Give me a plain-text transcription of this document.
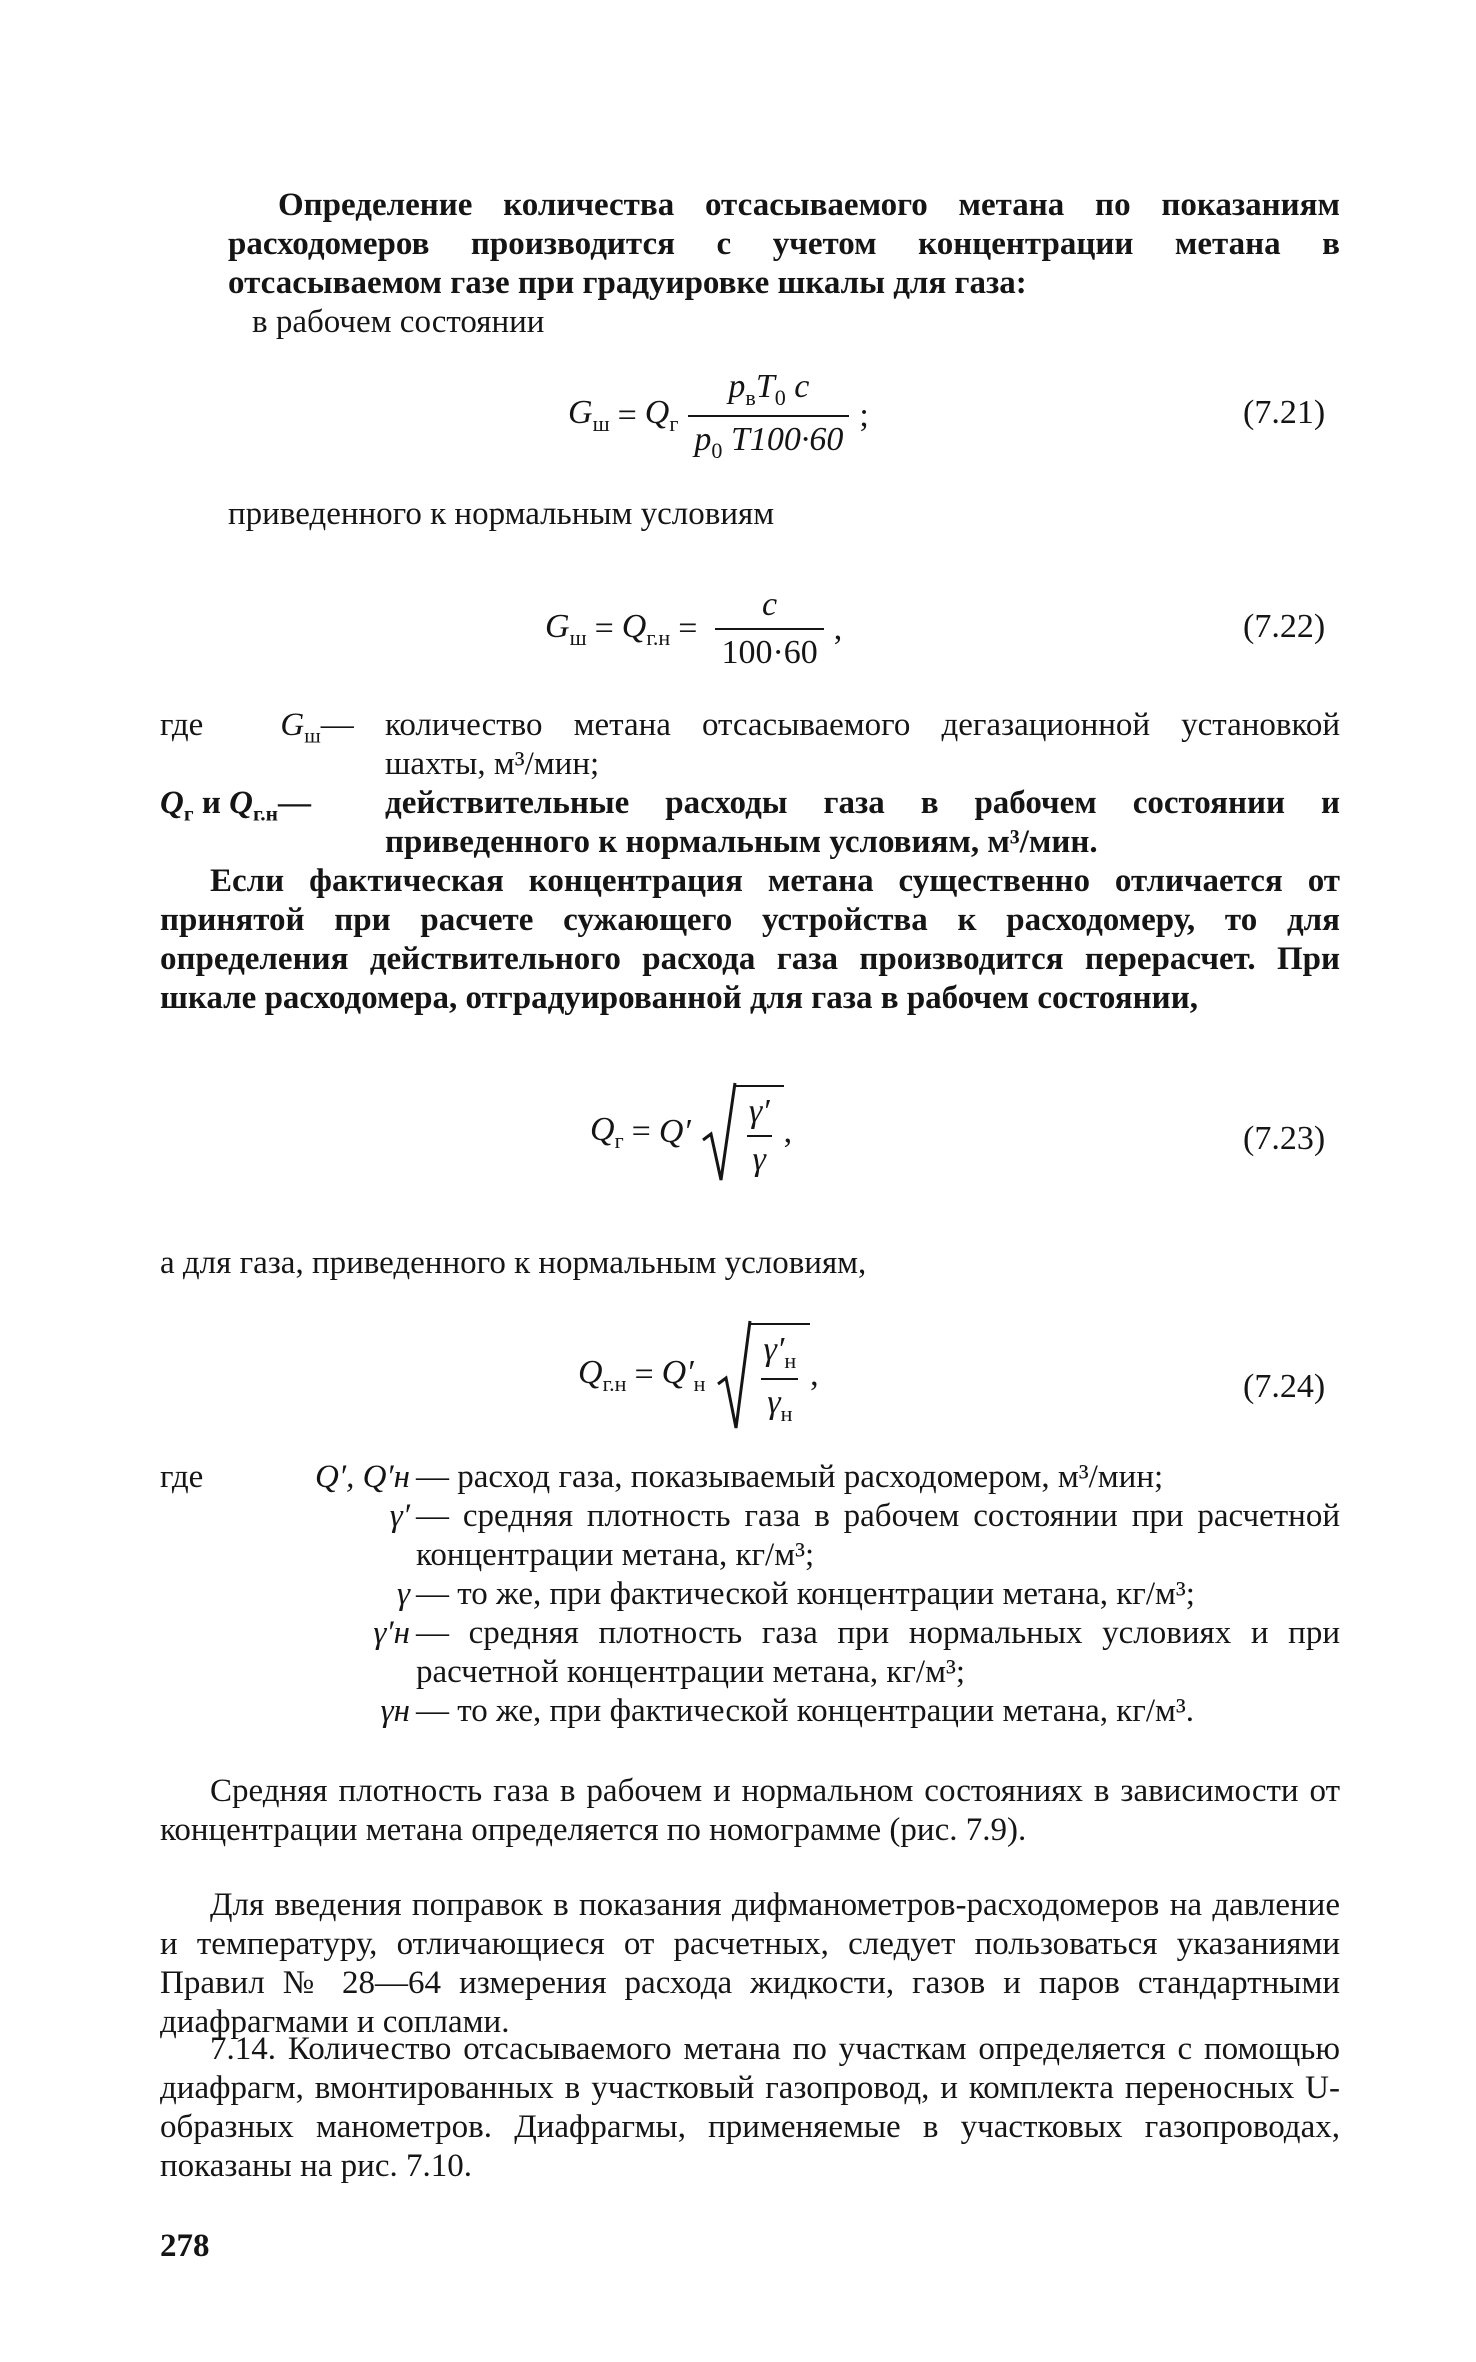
Определение количества отсасываемого метана по показаниям расходомеров производится с учетом концентрации метана в отсасываемом газе при градуировке шкалы для газа:
в рабочем состоянии
$G_ш = Q_г \frac{p_вT_0 c}{p_0 T100\cdot 60}$ ;	(7.21)
приведенного к нормальным условиям
$G_ш = Q_{г.н} = \frac{c}{100\cdot 60}$ ,	(7.22)
где $G_ш—$ количество метана отсасываемого дегазационной установкой шахты, м³/мин;
$Q_г$ и $Q_{г.н}—$	действительные расходы газа в рабочем состоянии и приведенного к нормальным условиям, м³/мин.
Если фактическая концентрация метана существенно отличается от принятой при расчете сужающего устройства к расходомеру, то для определения действительного расхода газа производится перерасчет. При шкале расходомера, отградуированной для газа в рабочем состоянии,
$Q_г = Q' \frac{\gamma'}{\gamma}$ ,	(7.23)
а для газа, приведенного к нормальным условиям,
$Q_{г.н} = Q'_н \frac{\gamma'_н}{\gamma_н}$ ,	(7.24)
где	Q′, Q′н — расход газа, показываемый расходомером, м³/мин;
γ′ — средняя плотность газа в рабочем состоянии при расчетной концентрации метана, кг/м³;
γ — то же, при фактической концентрации метана, кг/м³;
γ′н — средняя плотность газа при нормальных условиях и при расчетной концентрации метана, кг/м³;
γн — то же, при фактической концентрации метана, кг/м³.
Средняя плотность газа в рабочем и нормальном состояниях в зависимости от концентрации метана определяется по номограмме (рис. 7.9).
Для введения поправок в показания дифманометров-расходомеров на давление и температуру, отличающиеся от расчетных, следует пользоваться указаниями Правил № 28—64 измерения расхода жидкости, газов и паров стандартными диафрагмами и соплами.
7.14. Количество отсасываемого метана по участкам определяется с помощью диафрагм, вмонтированных в участковый газопровод, и комплекта переносных U-образных манометров. Диафрагмы, применяемые в участковых газопроводах, показаны на рис. 7.10.
278
